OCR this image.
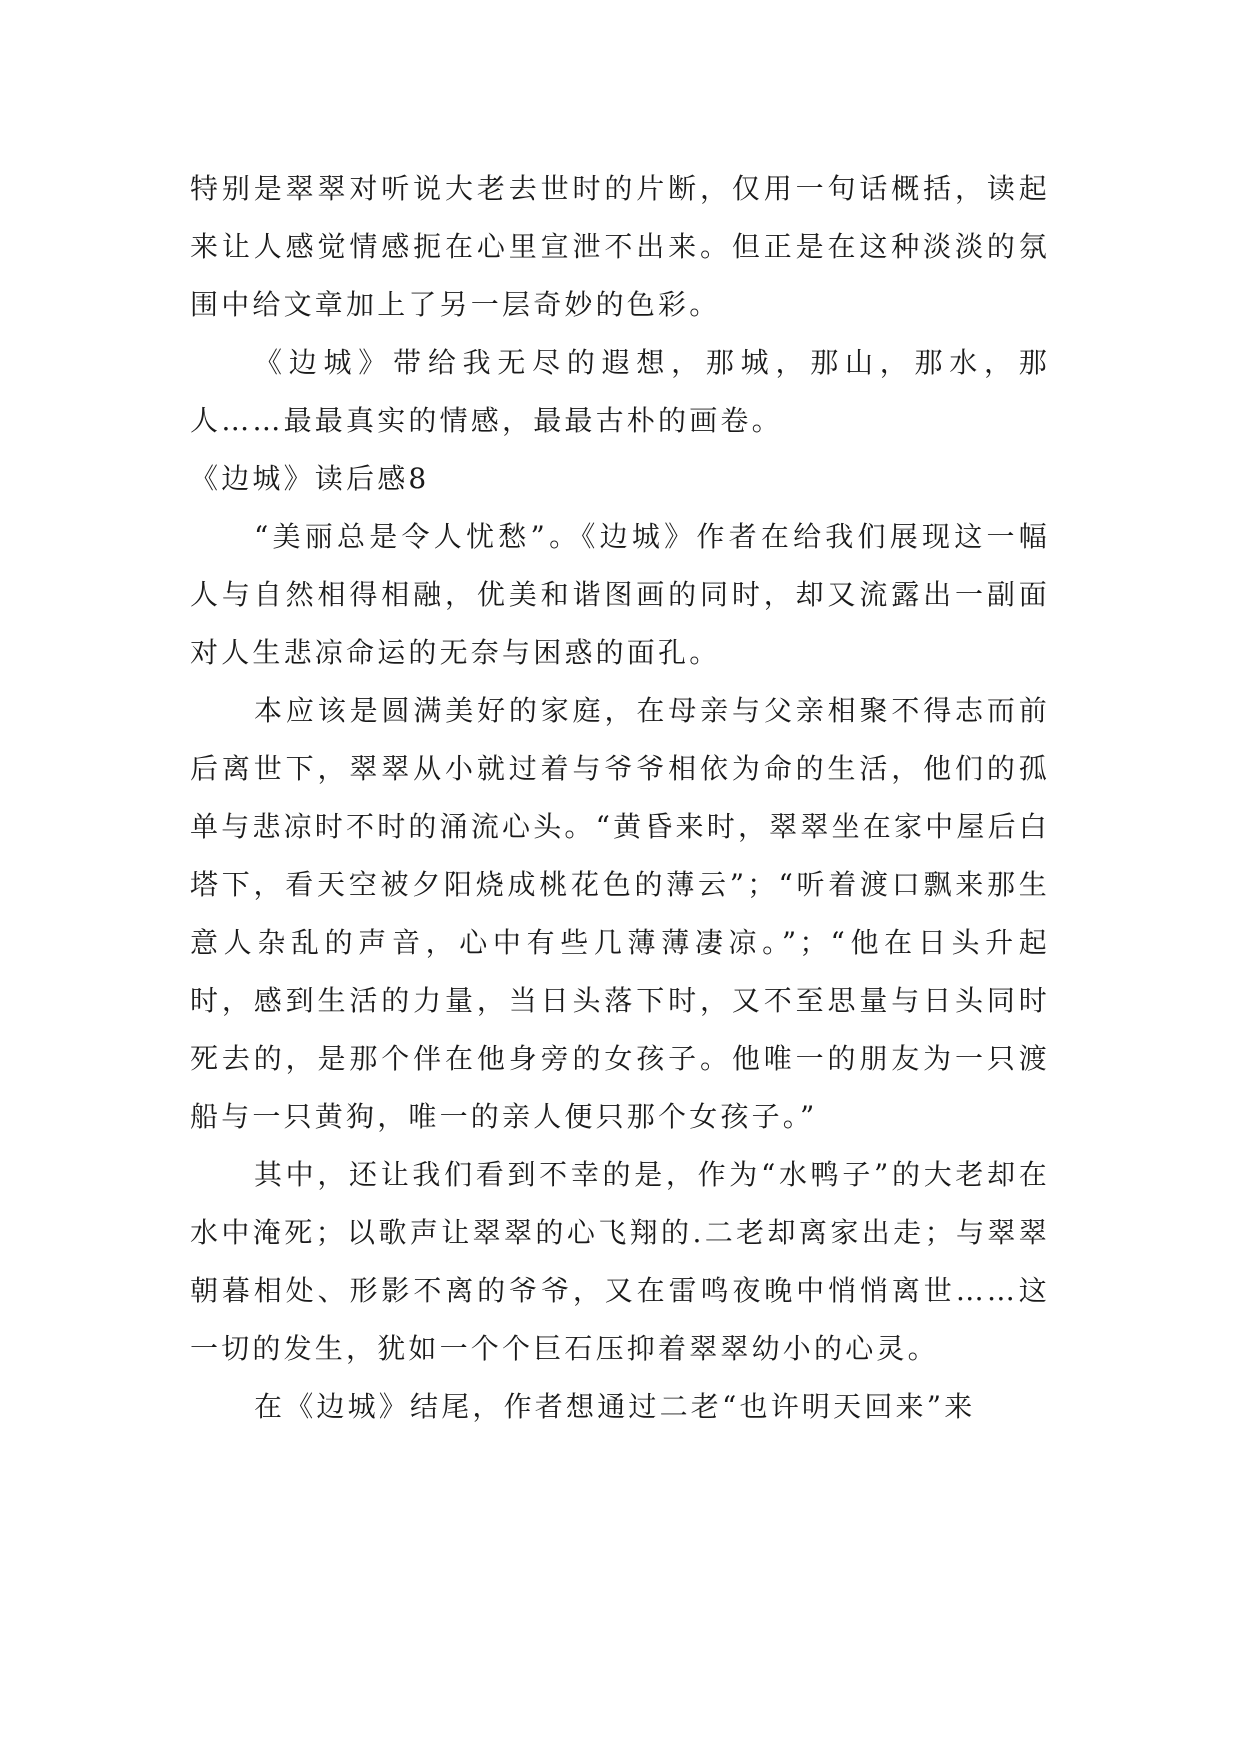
特别是翠翠对听说大老去世时的片断，仅用一句话概括，读起来让人感觉情感扼在心里宣泄不出来。但正是在这种淡淡的氛围中给文章加上了另一层奇妙的色彩。

《边城》带给我无尽的遐想，那城，那山，那水，那人……最最真实的情感，最最古朴的画卷。

《边城》读后感8

“美丽总是令人忧愁”。《边城》作者在给我们展现这一幅人与自然相得相融，优美和谐图画的同时，却又流露出一副面对人生悲凉命运的无奈与困惑的面孔。

本应该是圆满美好的家庭，在母亲与父亲相聚不得志而前后离世下，翠翠从小就过着与爷爷相依为命的生活，他们的孤单与悲凉时不时的涌流心头。“黄昏来时，翠翠坐在家中屋后白塔下，看天空被夕阳烧成桃花色的薄云”；“听着渡口飘来那生意人杂乱的声音，心中有些几薄薄凄凉。”；“他在日头升起时，感到生活的力量，当日头落下时，又不至思量与日头同时死去的，是那个伴在他身旁的女孩子。他唯一的朋友为一只渡船与一只黄狗，唯一的亲人便只那个女孩子。”

其中，还让我们看到不幸的是，作为“水鸭子”的大老却在水中淹死；以歌声让翠翠的心飞翔的.二老却离家出走；与翠翠朝暮相处、形影不离的爷爷，又在雷鸣夜晚中悄悄离世……这一切的发生，犹如一个个巨石压抑着翠翠幼小的心灵。

在《边城》结尾，作者想通过二老“也许明天回来”来
